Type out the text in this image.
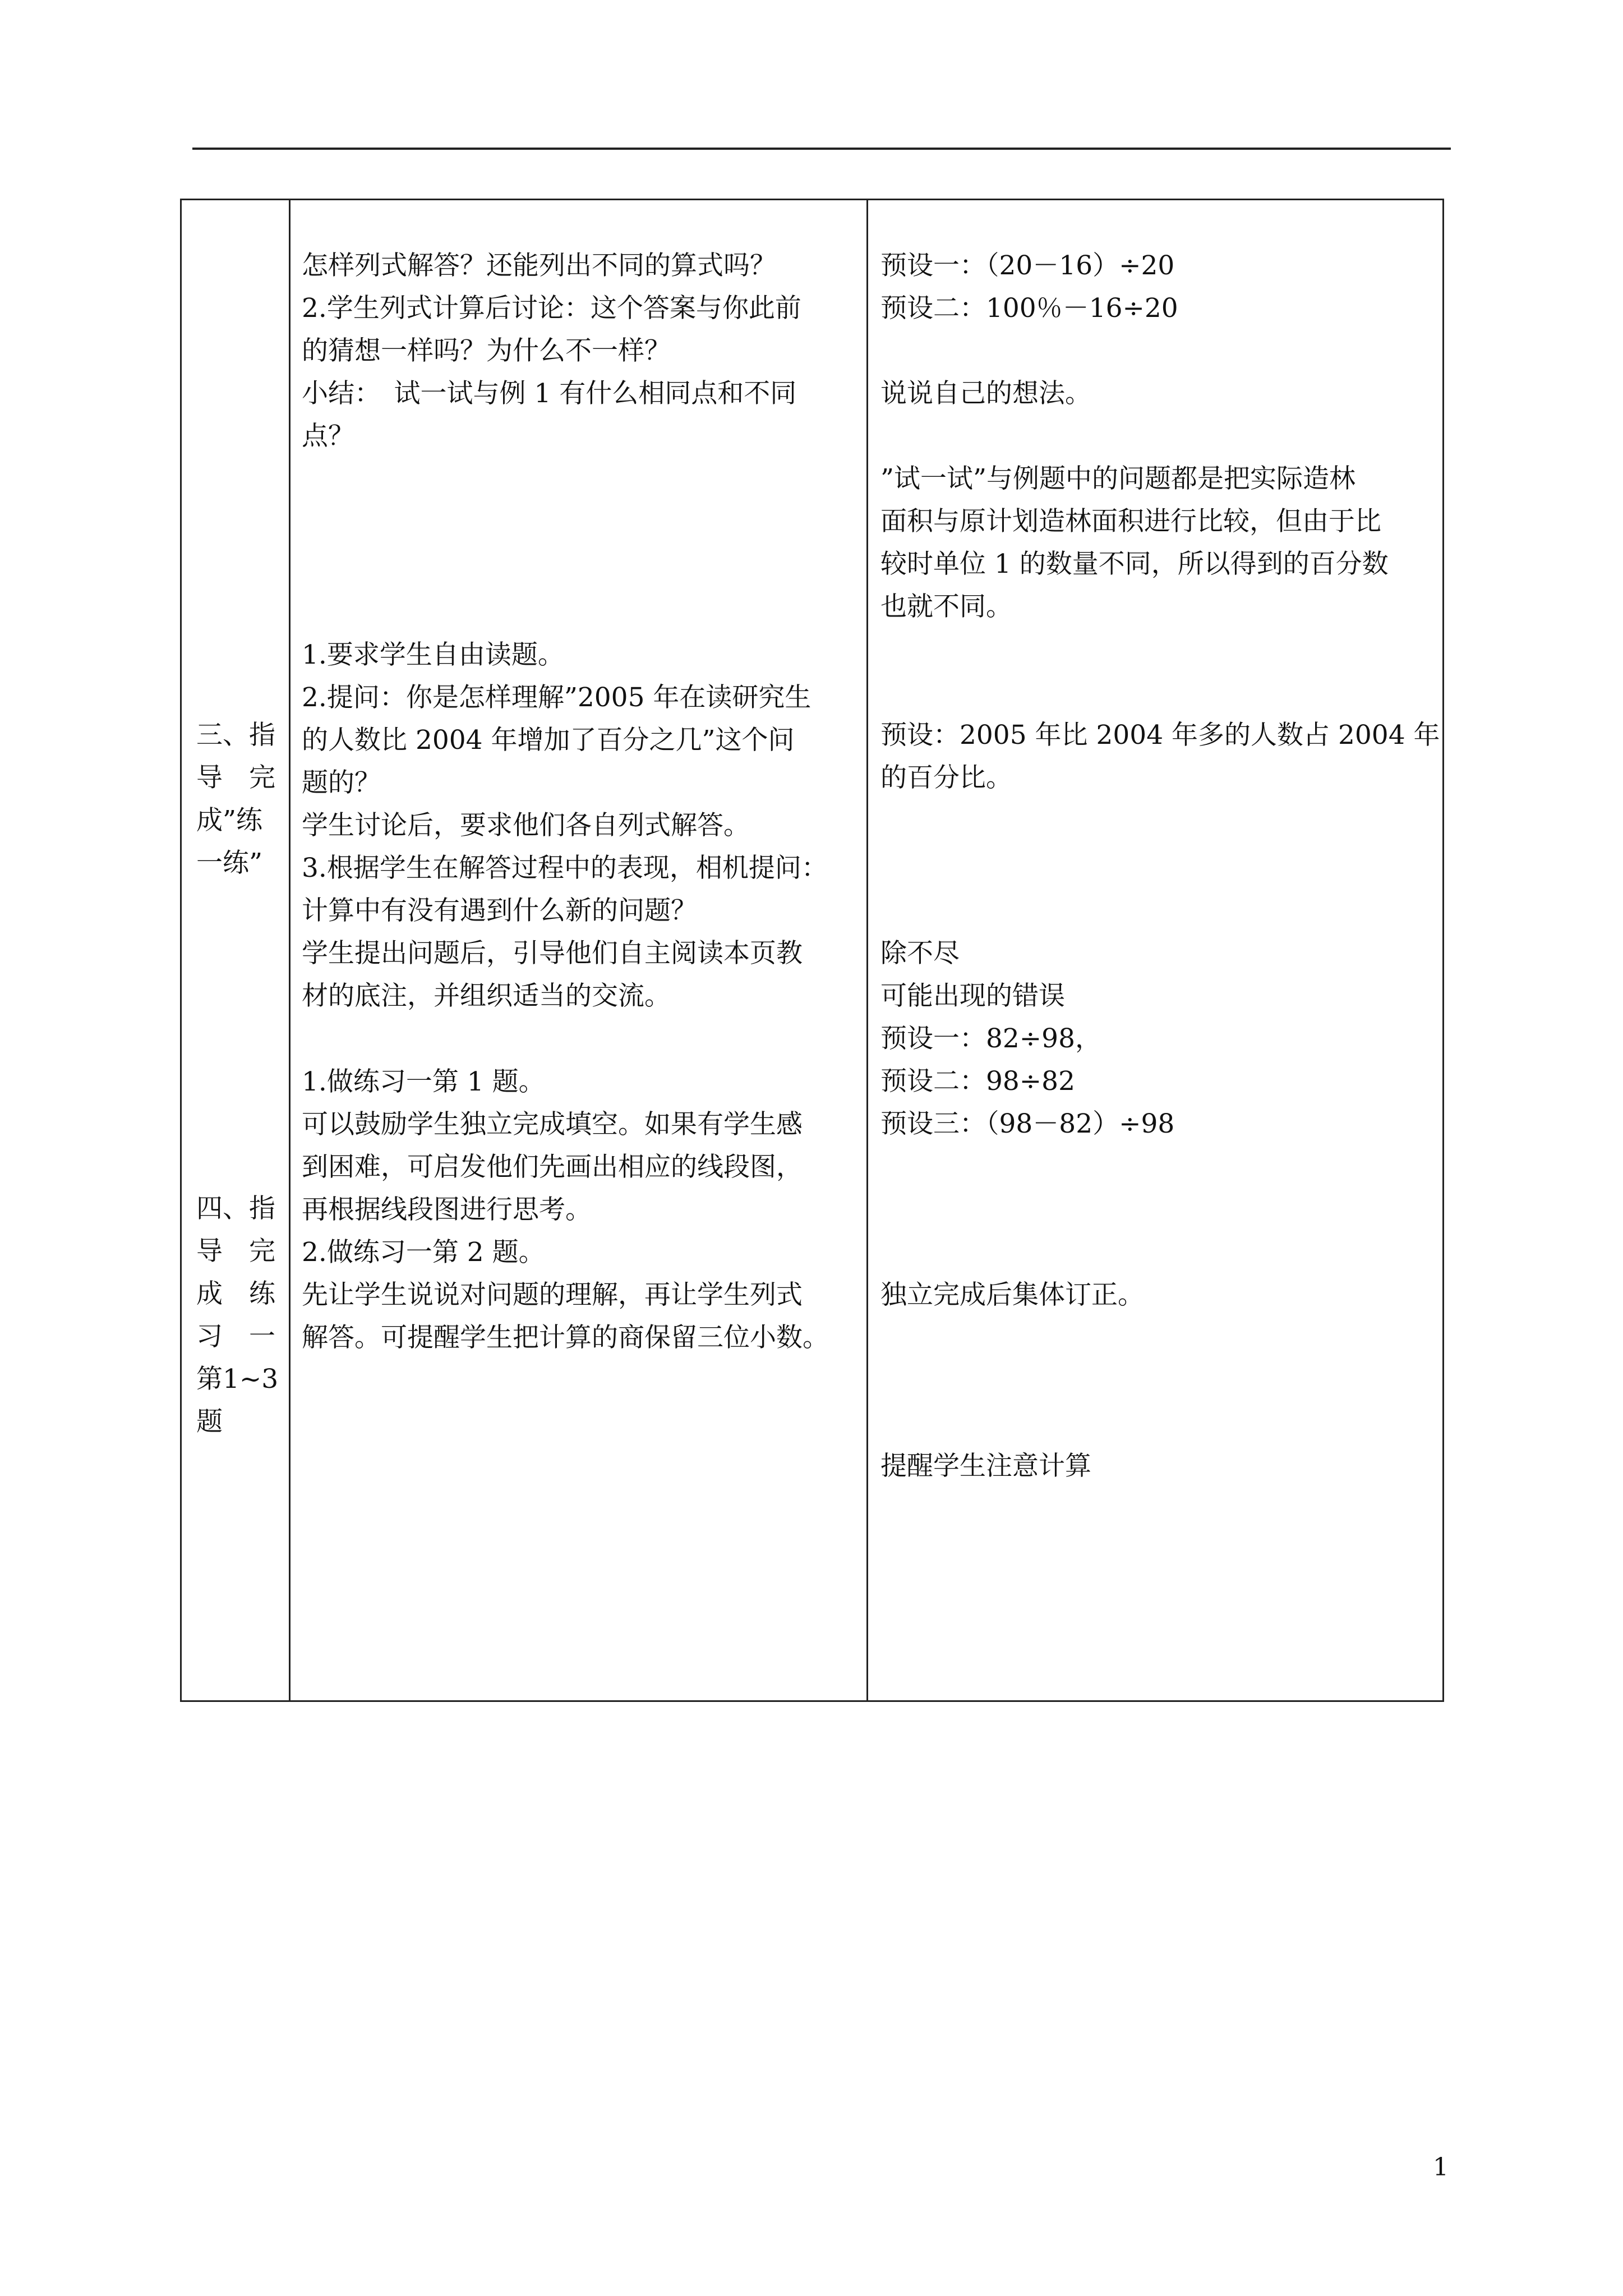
三、指
导　完
成”练
一练”
四、指
导　完
成　练
习　一
第1~3
题
怎样列式解答？还能列出不同的算式吗？
2.学生列式计算后讨论：这个答案与你此前
的猜想一样吗？为什么不一样？
小结：　试一试与例 1 有什么相同点和不同
点？
1.要求学生自由读题。
2.提问：你是怎样理解”2005 年在读研究生
的人数比 2004 年增加了百分之几”这个问
题的？
学生讨论后，要求他们各自列式解答。
3.根据学生在解答过程中的表现，相机提问：
计算中有没有遇到什么新的问题？
学生提出问题后，引导他们自主阅读本页教
材的底注，并组织适当的交流。
1.做练习一第 1 题。
可以鼓励学生独立完成填空。如果有学生感
到困难，可启发他们先画出相应的线段图，
再根据线段图进行思考。
2.做练习一第 2 题。
先让学生说说对问题的理解，再让学生列式
解答。可提醒学生把计算的商保留三位小数。
预设一：（20－16）÷20
预设二：100％－16÷20
说说自己的想法。
”试一试”与例题中的问题都是把实际造林
面积与原计划造林面积进行比较，但由于比
较时单位 1 的数量不同，所以得到的百分数
也就不同。
预设：2005 年比 2004 年多的人数占 2004 年
的百分比。
除不尽
可能出现的错误
预设一：82÷98，
预设二：98÷82
预设三：（98－82）÷98
独立完成后集体订正。
提醒学生注意计算
1
